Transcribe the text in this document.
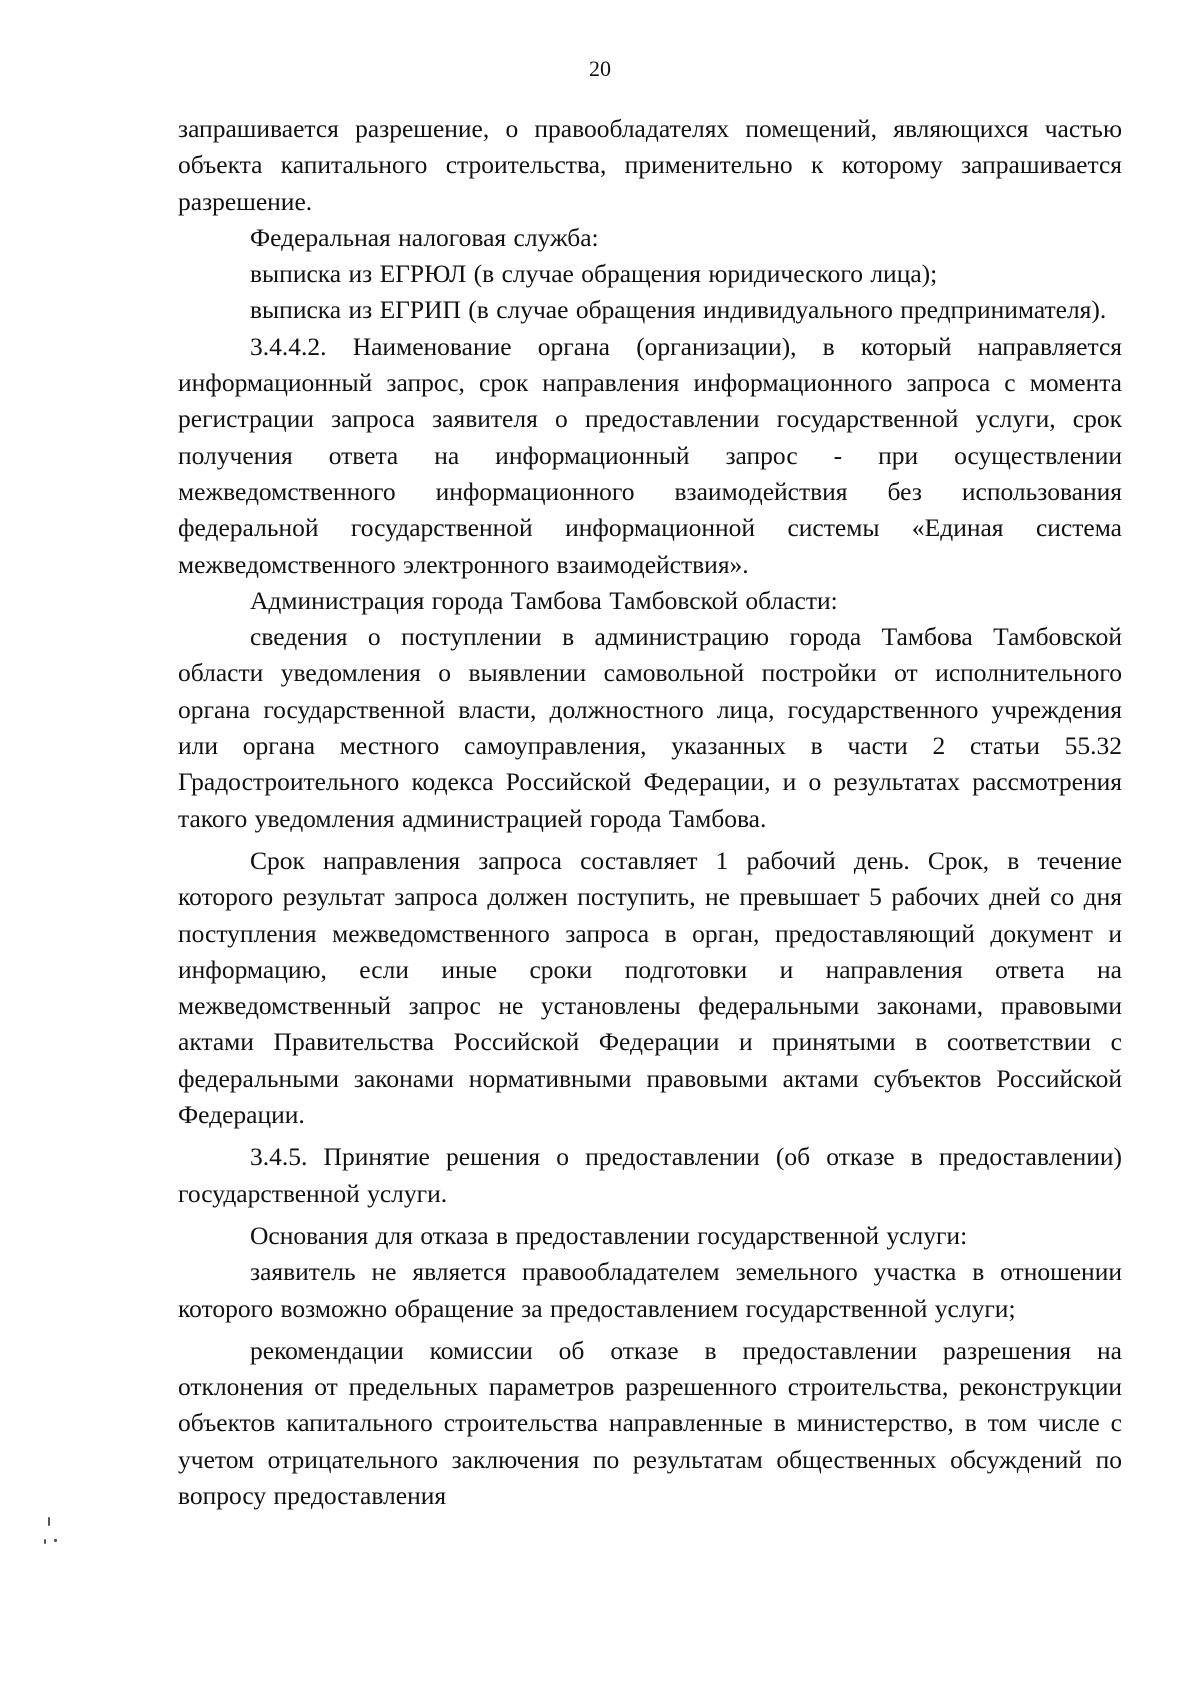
20

запрашивается разрешение, о правообладателях помещений, являющихся частью объекта капитального строительства, применительно к которому запрашивается разрешение.

Федеральная налоговая служба:

выписка из ЕГРЮЛ (в случае обращения юридического лица);

выписка из ЕГРИП (в случае обращения индивидуального предпринимателя).

3.4.4.2. Наименование органа (организации), в который направляется информационный запрос, срок направления информационного запроса с момента регистрации запроса заявителя о предоставлении государственной услуги, срок получения ответа на информационный запрос - при осуществлении межведомственного информационного взаимодействия без использования федеральной государственной информационной системы «Единая система межведомственного электронного взаимодействия».

Администрация города Тамбова Тамбовской области:

сведения о поступлении в администрацию города Тамбова Тамбовской области уведомления о выявлении самовольной постройки от исполнительного органа государственной власти, должностного лица, государственного учреждения или органа местного самоуправления, указанных в части 2 статьи 55.32 Градостроительного кодекса Российской Федерации, и о результатах рассмотрения такого уведомления администрацией города Тамбова.

Срок направления запроса составляет 1 рабочий день. Срок, в течение которого результат запроса должен поступить, не превышает 5 рабочих дней со дня поступления межведомственного запроса в орган, предоставляющий документ и информацию, если иные сроки подготовки и направления ответа на межведомственный запрос не установлены федеральными законами, правовыми актами Правительства Российской Федерации и принятыми в соответствии с федеральными законами нормативными правовыми актами субъектов Российской Федерации.

3.4.5. Принятие решения о предоставлении (об отказе в предоставлении) государственной услуги.

Основания для отказа в предоставлении государственной услуги:

заявитель не является правообладателем земельного участка в отношении которого возможно обращение за предоставлением государственной услуги;

рекомендации комиссии об отказе в предоставлении разрешения на отклонения от предельных параметров разрешенного строительства, реконструкции объектов капитального строительства направленные в министерство, в том числе с учетом отрицательного заключения по результатам общественных обсуждений по вопросу предоставления
